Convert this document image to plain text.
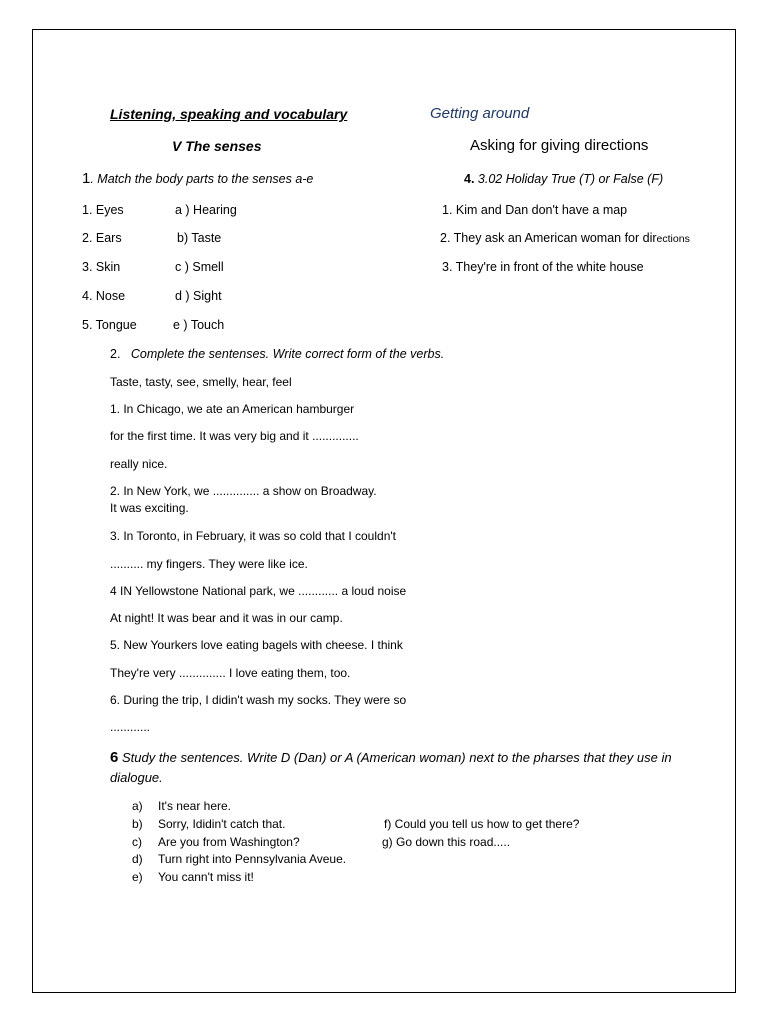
Listening, speaking and vocabulary	Getting around
V The senses	Asking for giving directions
1. Match the body parts to the senses a-e
1. Eyes
2. Ears
3. Skin
4. Nose
5. Tongue
a ) Hearing
b) Taste
c ) Smell
d ) Sight
e ) Touch
4. 3.02 Holiday True (T) or False (F)
1. Kim and Dan don't have a map
2. They ask an American woman for directions
3. They're in front of the white house
2. Complete the sentenses. Write correct form of the verbs.
Taste, tasty, see, smelly, hear, feel
1. In Chicago, we ate an American hamburger
for the first time. It was very big and it ..............
really nice.
2. In New York, we .............. a show on Broadway.
It was exciting.
3. In Toronto, in February, it was so cold that I couldn't
.......... my fingers. They were like ice.
4 IN Yellowstone National park, we ............ a loud noise
At night! It was bear and it was in our camp.
5. New Yourkers love eating bagels with cheese. I think
They're very .............. I love eating them, too.
6. During the trip, I didin't wash my socks. They were so
............
6 Study the sentences. Write D (Dan) or A (American woman) next to the pharses that they use in
dialogue.
a) It's near here.
b) Sorry, Ididin't catch that.
c) Are you from Washington?
d) Turn right into Pennsylvania Aveue.
e) You cann't miss it!
f) Could you tell us how to get there?
g) Go down this road.....
